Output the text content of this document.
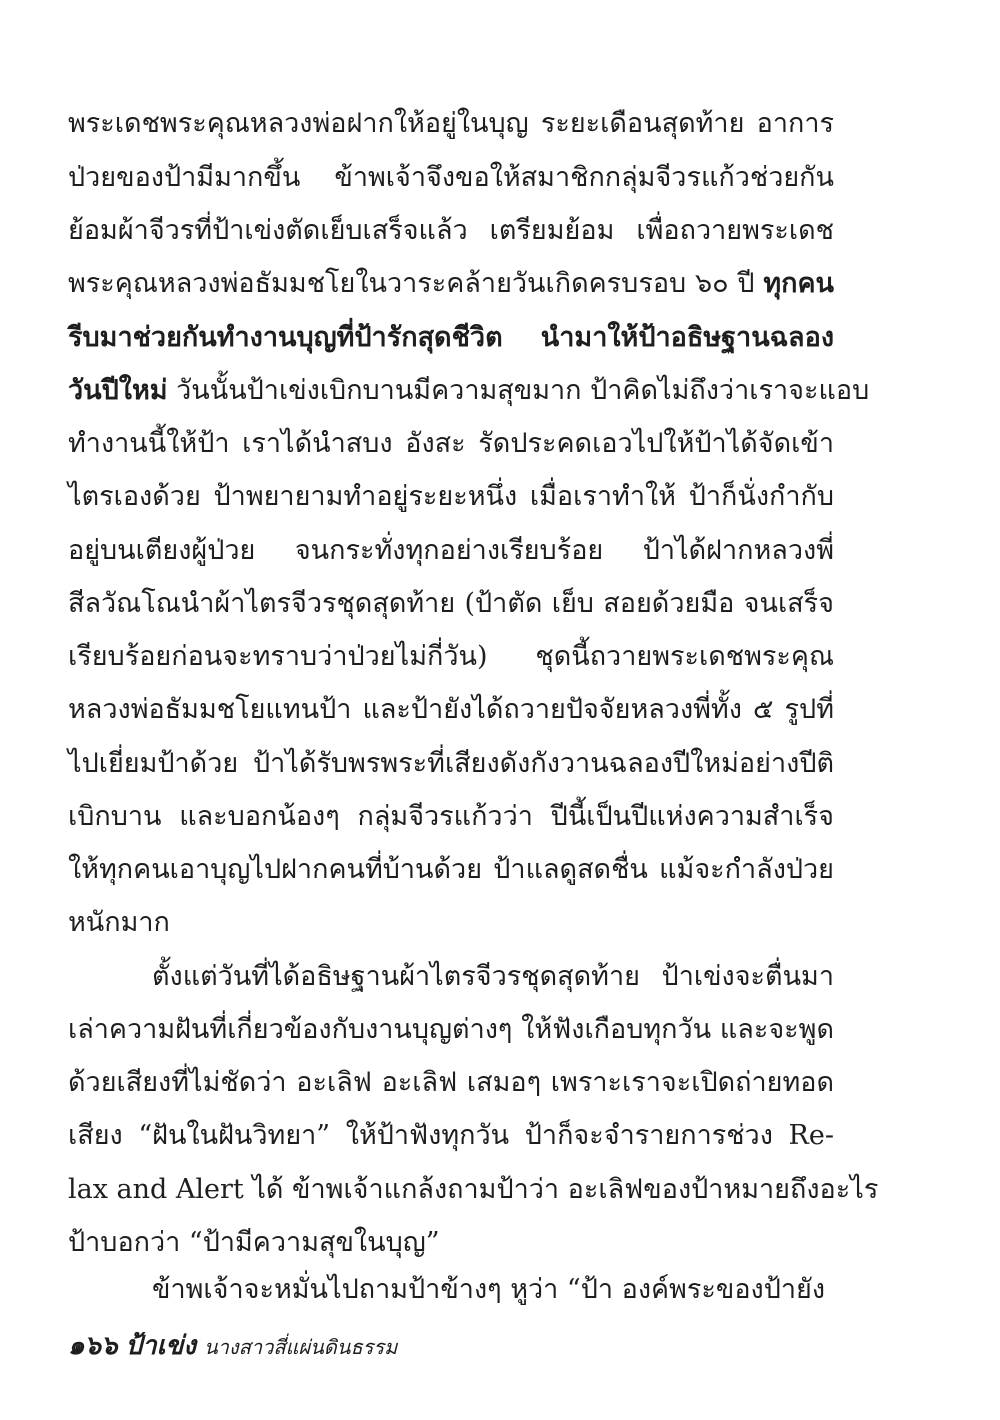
พระเดชพระคุณหลวงพ่อฝากให้อยู่ในบุญ ระยะเดือนสุดท้าย อาการ
ป่วยของป้ามีมากขึ้น ข้าพเจ้าจึงขอให้สมาชิกกลุ่มจีวรแก้วช่วยกัน
ย้อมผ้าจีวรที่ป้าเข่งตัดเย็บเสร็จแล้ว เตรียมย้อม เพื่อถวายพระเดช
พระคุณหลวงพ่อธัมมชโยในวาระคล้ายวันเกิดครบรอบ ๖๐ ปี ทุกคน
รีบมาช่วยกันทำงานบุญที่ป้ารักสุดชีวิต นำมาให้ป้าอธิษฐานฉลอง
วันปีใหม่ วันนั้นป้าเข่งเบิกบานมีความสุขมาก ป้าคิดไม่ถึงว่าเราจะแอบ
ทำงานนี้ให้ป้า เราได้นำสบง อังสะ รัดประคดเอวไปให้ป้าได้จัดเข้า
ไตรเองด้วย ป้าพยายามทำอยู่ระยะหนึ่ง เมื่อเราทำให้ ป้าก็นั่งกำกับ
อยู่บนเตียงผู้ป่วย จนกระทั่งทุกอย่างเรียบร้อย ป้าได้ฝากหลวงพี่
สีลวัณโณนำผ้าไตรจีวรชุดสุดท้าย (ป้าตัด เย็บ สอยด้วยมือ จนเสร็จ
เรียบร้อยก่อนจะทราบว่าป่วยไม่กี่วัน) ชุดนี้ถวายพระเดชพระคุณ
หลวงพ่อธัมมชโยแทนป้า และป้ายังได้ถวายปัจจัยหลวงพี่ทั้ง ๕ รูปที่
ไปเยี่ยมป้าด้วย ป้าได้รับพรพระที่เสียงดังกังวานฉลองปีใหม่อย่างปีติ
เบิกบาน และบอกน้องๆ กลุ่มจีวรแก้วว่า ปีนี้เป็นปีแห่งความสำเร็จ
ให้ทุกคนเอาบุญไปฝากคนที่บ้านด้วย ป้าแลดูสดชื่น แม้จะกำลังป่วย
หนักมาก
ตั้งแต่วันที่ได้อธิษฐานผ้าไตรจีวรชุดสุดท้าย ป้าเข่งจะตื่นมา
เล่าความฝันที่เกี่ยวข้องกับงานบุญต่างๆ ให้ฟังเกือบทุกวัน และจะพูด
ด้วยเสียงที่ไม่ชัดว่า อะเลิฟ อะเลิฟ เสมอๆ เพราะเราจะเปิดถ่ายทอด
เสียง “ฝันในฝันวิทยา” ให้ป้าฟังทุกวัน ป้าก็จะจำรายการช่วง Re-
lax and Alert ได้ ข้าพเจ้าแกล้งถามป้าว่า อะเลิฟของป้าหมายถึงอะไร
ป้าบอกว่า “ป้ามีความสุขในบุญ”
ข้าพเจ้าจะหมั่นไปถามป้าข้างๆ หูว่า “ป้า องค์พระของป้ายัง
๑๖๖ ป้าเข่ง นางสาวสี่แผ่นดินธรรม
